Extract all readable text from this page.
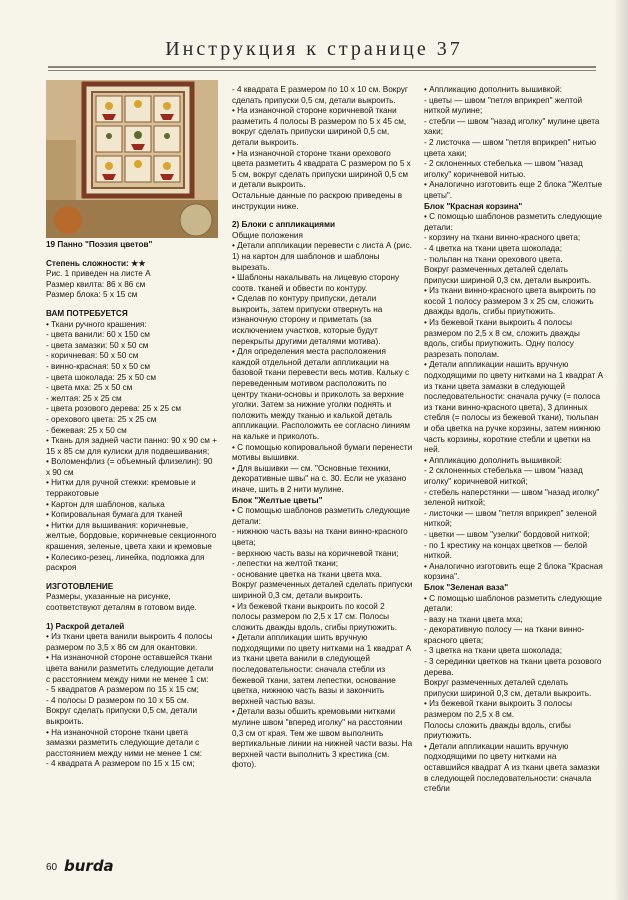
Инструкция к странице 37

19 Панно "Поэзия цветов"

Степень сложности: ★★

Рис. 1 приведен на листе А

Размер квилта: 86 х 86 см

Размер блока: 5 х 15 см

ВАМ ПОТРЕБУЕТСЯ

• Ткани ручного крашения:

- цвета ванили: 60 х 150 см

- цвета замазки: 50 х 50 см

- коричневая: 50 х 50 см

- винно-красная: 50 х 50 см

- цвета шоколада: 25 х 50 см

- цвета мха: 25 х 50 см

- желтая: 25 х 25 см

- цвета розового дерева: 25 х 25 см

- орехового цвета: 25 х 25 см

- бежевая: 25 х 50 см

• Ткань для задней части панно: 90 х 90 см + 15 х 85 см для кулиски для подвешивания;

• Воломенфлиз (= объемный флизелин): 90 х 90 см

• Нитки для ручной стежки: кремовые и терракотовые

• Картон для шаблонов, калька

• Копировальная бумага для тканей

• Нитки для вышивания: коричневые, желтые, бордовые, коричневые секционного крашения, зеленые, цвета хаки и кремовые

• Колесико-резец, линейка, подложка для раскроя

ИЗГОТОВЛЕНИЕ

Размеры, указанные на рисунке, соответствуют деталям в готовом виде.

1) Раскрой деталей

• Из ткани цвета ванили выкроить 4 полосы размером по 3,5 х 86 см для окантовки.

• На изнаночной стороне оставшейся ткани цвета ванили разметить следующие детали с расстоянием между ними не менее 1 см:

- 5 квадратов А размером по 15 х 15 см;

- 4 полосы D размером по 10 х 55 см.

Вокруг сделать припуски 0,5 см, детали выкроить.

• На изнаночной стороне ткани цвета замазки разметить следующие детали с расстоянием между ними не менее 1 см:

- 4 квадрата А размером по 15 х 15 см;

- 4 квадрата Е размером по 10 х 10 см. Вокруг сделать припуски 0,5 см, детали выкроить.

• На изнаночной стороне коричневой ткани разметить 4 полосы В размером по 5 х 45 см, вокруг сделать припуски шириной 0,5 см, детали выкроить.

• На изнаночной стороне ткани орехового цвета разметить 4 квадрата С размером по 5 х 5 см, вокруг сделать припуски шириной 0,5 см и детали выкроить.

Остальные данные по раскрою приведены в инструкции ниже.

2) Блоки с аппликациями

Общие положения

• Детали аппликации перевести с листа А (рис. 1) на картон для шаблонов и шаблоны вырезать.

• Шаблоны накалывать на лицевую сторону соотв. тканей и обвести по контуру.

• Сделав по контуру припуски, детали выкроить, затем припуски отвернуть на изнаночную сторону и приметать (за исключением участков, которые будут перекрыты другими деталями мотива).

• Для определения места расположения каждой отдельной детали аппликации на базовой ткани перевести весь мотив. Кальку с переведенным мотивом расположить по центру ткани-основы и приколоть за верхние уголки. Затем за нижние уголки поднять и положить между тканью и калькой деталь аппликации. Расположить ее согласно линиям на кальке и приколоть.

• С помощью копировальной бумаги перенести мотивы вышивки.

• Для вышивки — см. "Основные техники, декоративные швы" на с. 30. Если не указано иначе, шить в 2 нити мулине.

Блок "Желтые цветы"

• С помощью шаблонов разметить следующие детали:

- нижнюю часть вазы на ткани винно-красного цвета;

- верхнюю часть вазы на коричневой ткани;

- лепестки на желтой ткани;

- основание цветка на ткани цвета мха.

Вокруг размеченных деталей сделать припуски шириной 0,3 см, детали выкроить.

• Из бежевой ткани выкроить по косой 2 полосы размером по 2,5 х 17 см. Полосы сложить дважды вдоль, сгибы приутюжить.

• Детали аппликации шить вручную подходящими по цвету нитками на 1 квадрат А из ткани цвета ванили в следующей последовательности: сначала стебли из бежевой ткани, затем лепестки, основание цветка, нижнюю часть вазы и закончить верхней частью вазы.

• Детали вазы обшить кремовыми нитками мулине швом "вперед иголку" на расстоянии 0,3 см от края. Тем же швом выполнить вертикальные линии на нижней части вазы. На верхней части выполнить 3 крестика (см. фото).

• Аппликацию дополнить вышивкой:

- цветы — швом "петля вприкреп" желтой ниткой мулине;

- стебли — швом "назад иголку" мулине цвета хаки;

- 2 листочка — швом "петля вприкреп" нитью цвета хаки;

- 2 склоненных стебелька — швом "назад иголку" коричневой нитью.

• Аналогично изготовить еще 2 блока "Желтые цветы".

Блок "Красная корзина"

• С помощью шаблонов разметить следующие детали:

- корзину на ткани винно-красного цвета;

- 4 цветка на ткани цвета шоколада;

- тюльпан на ткани орехового цвета.

Вокруг размеченных деталей сделать припуски шириной 0,3 см, детали выкроить.

• Из ткани винно-красного цвета выкроить по косой 1 полосу размером 3 х 25 см, сложить дважды вдоль, сгибы приутюжить.

• Из бежевой ткани выкроить 4 полосы размером по 2,5 х 8 см, сложить дважды вдоль, сгибы приутюжить. Одну полосу разрезать пополам.

• Детали аппликации нашить вручную подходящими по цвету нитками на 1 квадрат А из ткани цвета замазки в следующей последовательности: сначала ручку (= полоса из ткани винно-красного цвета), 3 длинных стебля (= полосы из бежевой ткани), тюльпан и оба цветка на ручке корзины, затем нижнюю часть корзины, короткие стебли и цветки на ней.

• Аппликацию дополнить вышивкой:

- 2 склоненных стебелька — швом "назад иголку" коричневой ниткой;

- стебель наперстянки — швом "назад иголку" зеленой ниткой;

- листочки — швом "петля вприкреп" зеленой ниткой;

- цветки — швом "узелки" бордовой ниткой;

- по 1 крестику на концах цветков — белой ниткой.

• Аналогично изготовить еще 2 блока "Красная корзина".

Блок "Зеленая ваза"

• С помощью шаблонов разметить следующие детали:

- вазу на ткани цвета мха;

- декоративную полосу — на ткани винно-красного цвета;

- 3 цветка на ткани цвета шоколада;

- 3 серединки цветков на ткани цвета розового дерева.

Вокруг размеченных деталей сделать припуски шириной 0,3 см, детали выкроить.

• Из бежевой ткани выкроить 3 полосы размером по 2,5 х 8 см.

Полосы сложить дважды вдоль, сгибы приутюжить.

• Детали аппликации нашить вручную подходящими по цвету нитками на оставшийся квадрат А из ткани цвета замазки в следующей последовательности: сначала стебли

60 burda
